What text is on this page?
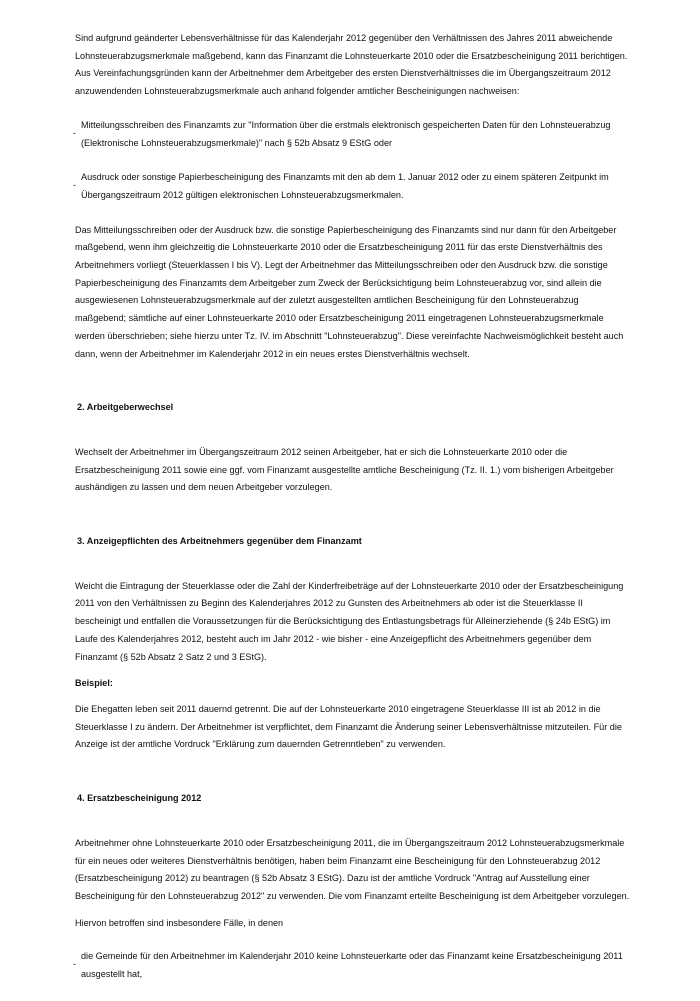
Sind aufgrund geänderter Lebensverhältnisse für das Kalenderjahr 2012 gegenüber den Verhältnissen des Jahres 2011 abweichende Lohnsteuerabzugsmerkmale maßgebend, kann das Finanzamt die Lohnsteuerkarte 2010 oder die Ersatzbescheinigung 2011 berichtigen. Aus Vereinfachungsgründen kann der Arbeitnehmer dem Arbeitgeber des ersten Dienstverhältnisses die im Übergangszeitraum 2012 anzuwendenden Lohnsteuerabzugsmerkmale auch anhand folgender amtlicher Bescheinigungen nachweisen:

-

Mitteilungsschreiben des Finanzamts zur "Information über die erstmals elektronisch gespeicherten Daten für den Lohnsteuerabzug (Elektronische Lohnsteuerabzugsmerkmale)" nach § 52b Absatz 9 EStG oder

-

Ausdruck oder sonstige Papierbescheinigung des Finanzamts mit den ab dem 1. Januar 2012 oder zu einem späteren Zeitpunkt im Übergangszeitraum 2012 gültigen elektronischen Lohnsteuerabzugsmerkmalen.

Das Mitteilungsschreiben oder der Ausdruck bzw. die sonstige Papierbescheinigung des Finanzamts sind nur dann für den Arbeitgeber maßgebend, wenn ihm gleichzeitig die Lohnsteuerkarte 2010 oder die Ersatzbescheinigung 2011 für das erste Dienstverhältnis des Arbeitnehmers vorliegt (Steuerklassen I bis V). Legt der Arbeitnehmer das Mitteilungsschreiben oder den Ausdruck bzw. die sonstige Papierbescheinigung des Finanzamts dem Arbeitgeber zum Zweck der Berücksichtigung beim Lohnsteuerabzug vor, sind allein die ausgewiesenen Lohnsteuerabzugsmerkmale auf der zuletzt ausgestellten amtlichen Bescheinigung für den Lohnsteuerabzug maßgebend; sämtliche auf einer Lohnsteuerkarte 2010 oder Ersatzbescheinigung 2011 eingetragenen Lohnsteuerabzugsmerkmale werden überschrieben; siehe hierzu unter Tz. IV. im Abschnitt "Lohnsteuerabzug". Diese vereinfachte Nachweismöglichkeit besteht auch dann, wenn der Arbeitnehmer im Kalenderjahr 2012 in ein neues erstes Dienstverhältnis wechselt.

2. Arbeitgeberwechsel

Wechselt der Arbeitnehmer im Übergangszeitraum 2012 seinen Arbeitgeber, hat er sich die Lohnsteuerkarte 2010 oder die Ersatzbescheinigung 2011 sowie eine ggf. vom Finanzamt ausgestellte amtliche Bescheinigung (Tz. II. 1.) vom bisherigen Arbeitgeber aushändigen zu lassen und dem neuen Arbeitgeber vorzulegen.

3. Anzeigepflichten des Arbeitnehmers gegenüber dem Finanzamt

Weicht die Eintragung der Steuerklasse oder die Zahl der Kinderfreibeträge auf der Lohnsteuerkarte 2010 oder der Ersatzbescheinigung 2011 von den Verhältnissen zu Beginn des Kalenderjahres 2012 zu Gunsten des Arbeitnehmers ab oder ist die Steuerklasse II bescheinigt und entfallen die Voraussetzungen für die Berücksichtigung des Entlastungsbetrags für Alleinerziehende (§ 24b EStG) im Laufe des Kalenderjahres 2012, besteht auch im Jahr 2012 - wie bisher - eine Anzeigepflicht des Arbeitnehmers gegenüber dem Finanzamt (§ 52b Absatz 2 Satz 2 und 3 EStG).

Beispiel:

Die Ehegatten leben seit 2011 dauernd getrennt. Die auf der Lohnsteuerkarte 2010 eingetragene Steuerklasse III ist ab 2012 in die Steuerklasse I zu ändern. Der Arbeitnehmer ist verpflichtet, dem Finanzamt die Änderung seiner Lebensverhältnisse mitzuteilen. Für die Anzeige ist der amtliche Vordruck "Erklärung zum dauernden Getrenntleben" zu verwenden.

4. Ersatzbescheinigung 2012

Arbeitnehmer ohne Lohnsteuerkarte 2010 oder Ersatzbescheinigung 2011, die im Übergangszeitraum 2012 Lohnsteuerabzugsmerkmale für ein neues oder weiteres Dienstverhältnis benötigen, haben beim Finanzamt eine Bescheinigung für den Lohnsteuerabzug 2012 (Ersatzbescheinigung 2012) zu beantragen (§ 52b Absatz 3 EStG). Dazu ist der amtliche Vordruck "Antrag auf Ausstellung einer Bescheinigung für den Lohnsteuerabzug 2012" zu verwenden. Die vom Finanzamt erteilte Bescheinigung ist dem Arbeitgeber vorzulegen.

Hiervon betroffen sind insbesondere Fälle, in denen

-

die Gemeinde für den Arbeitnehmer im Kalenderjahr 2010 keine Lohnsteuerkarte oder das Finanzamt keine Ersatzbescheinigung 2011 ausgestellt hat,
